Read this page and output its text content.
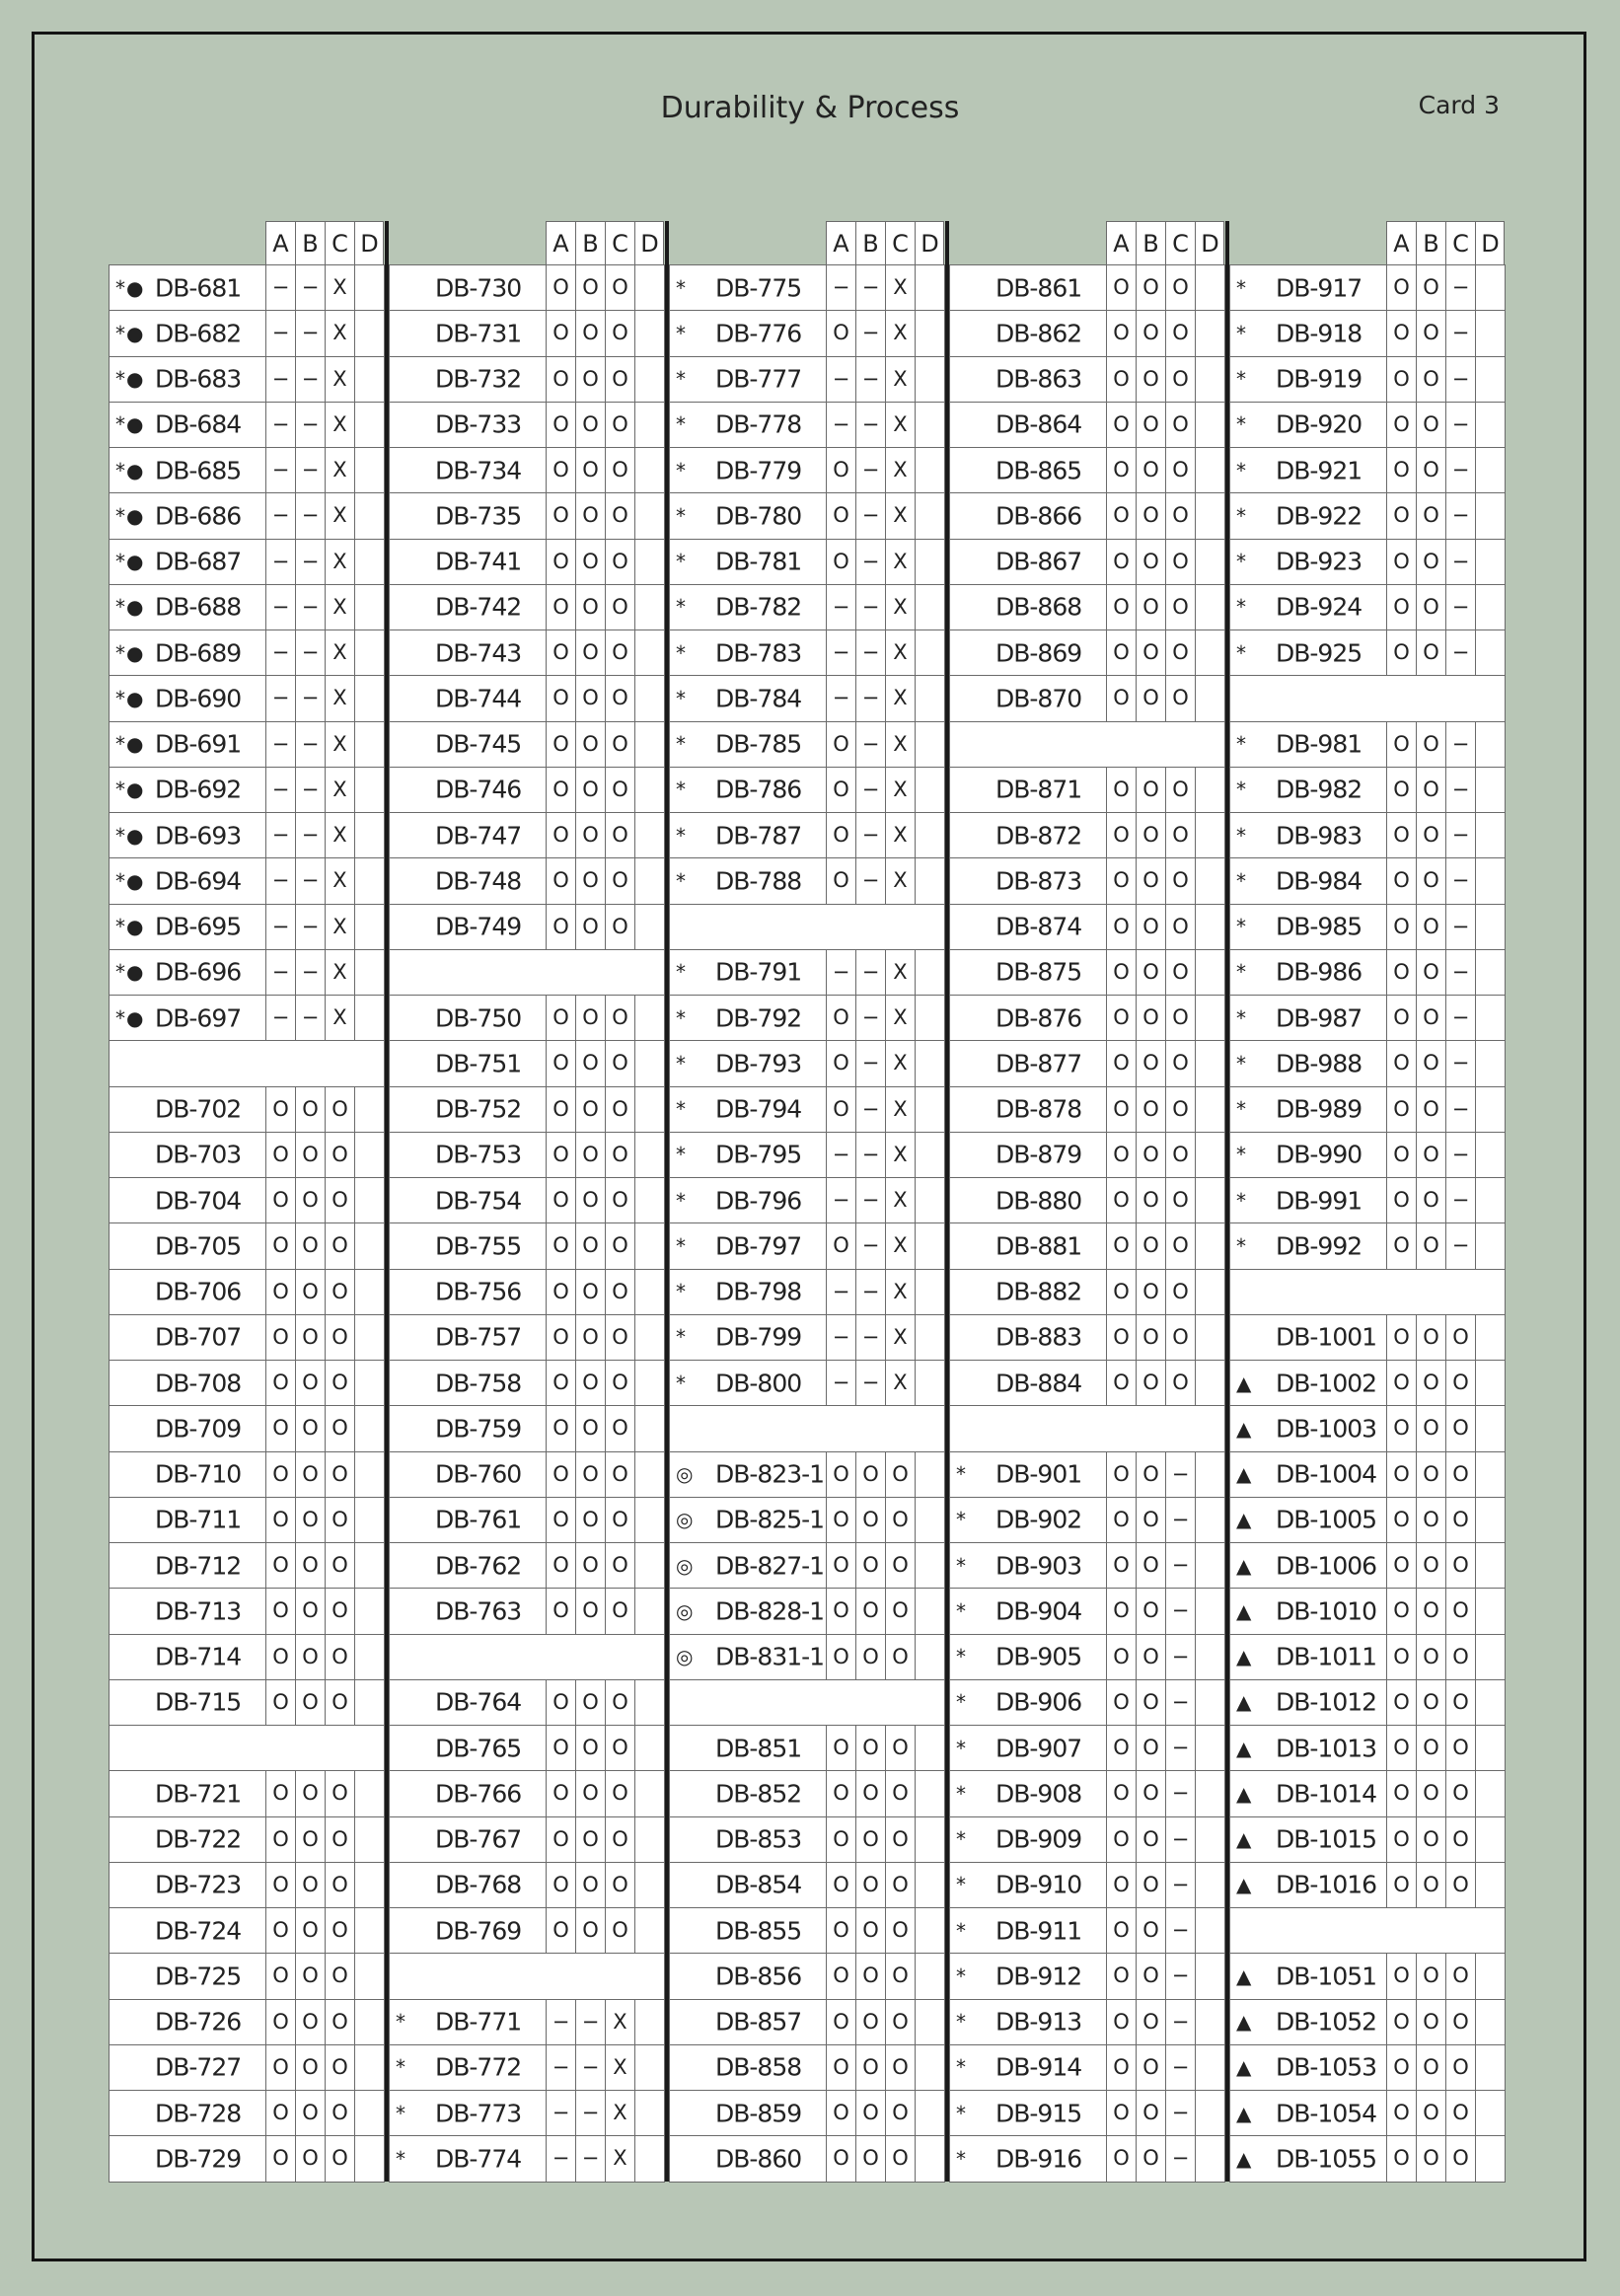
Durability & Process	Card 3
A B C D
*● DB-681	−	−	X	

*● DB-682	−	−	X	

*● DB-683	−	−	X	

*● DB-684	−	−	X	

*● DB-685	−	−	X	

*● DB-686	−	−	X	

*● DB-687	−	−	X	

*● DB-688	−	−	X	

*● DB-689	−	−	X	

*● DB-690	−	−	X	

*● DB-691	−	−	X	

*● DB-692	−	−	X	

*● DB-693	−	−	X	

*● DB-694	−	−	X	

*● DB-695	−	−	X	

*● DB-696	−	−	X	

*● DB-697	−	−	X	

DB-702	O	O	O	

DB-703	O	O	O	

DB-704	O	O	O	

DB-705	O	O	O	

DB-706	O	O	O	

DB-707	O	O	O	

DB-708	O	O	O	

DB-709	O	O	O	

DB-710	O	O	O	

DB-711	O	O	O	

DB-712	O	O	O	

DB-713	O	O	O	

DB-714	O	O	O	

DB-715	O	O	O	

DB-721	O	O	O	

DB-722	O	O	O	

DB-723	O	O	O	

DB-724	O	O	O	

DB-725	O	O	O	

DB-726	O	O	O	

DB-727	O	O	O	

DB-728	O	O	O	

DB-729	O	O	O	
A B C D
DB-730	O	O	O	

DB-731	O	O	O	

DB-732	O	O	O	

DB-733	O	O	O	

DB-734	O	O	O	

DB-735	O	O	O	

DB-741	O	O	O	

DB-742	O	O	O	

DB-743	O	O	O	

DB-744	O	O	O	

DB-745	O	O	O	

DB-746	O	O	O	

DB-747	O	O	O	

DB-748	O	O	O	

DB-749	O	O	O	

DB-750	O	O	O	

DB-751	O	O	O	

DB-752	O	O	O	

DB-753	O	O	O	

DB-754	O	O	O	

DB-755	O	O	O	

DB-756	O	O	O	

DB-757	O	O	O	

DB-758	O	O	O	

DB-759	O	O	O	

DB-760	O	O	O	

DB-761	O	O	O	

DB-762	O	O	O	

DB-763	O	O	O	

DB-764	O	O	O	

DB-765	O	O	O	

DB-766	O	O	O	

DB-767	O	O	O	

DB-768	O	O	O	

DB-769	O	O	O	

* DB-771	−	−	X	

* DB-772	−	−	X	

* DB-773	−	−	X	

* DB-774	−	−	X	
A B C D
* DB-775	−	−	X	

* DB-776	O	−	X	

* DB-777	−	−	X	

* DB-778	−	−	X	

* DB-779	O	−	X	

* DB-780	O	−	X	

* DB-781	O	−	X	

* DB-782	−	−	X	

* DB-783	−	−	X	

* DB-784	−	−	X	

* DB-785	O	−	X	

* DB-786	O	−	X	

* DB-787	O	−	X	

* DB-788	O	−	X	

* DB-791	−	−	X	

* DB-792	O	−	X	

* DB-793	O	−	X	

* DB-794	O	−	X	

* DB-795	−	−	X	

* DB-796	−	−	X	

* DB-797	O	−	X	

* DB-798	−	−	X	

* DB-799	−	−	X	

* DB-800	−	−	X	

◎ DB-823-1	O	O	O	

◎ DB-825-1	O	O	O	

◎ DB-827-1	O	O	O	

◎ DB-828-1	O	O	O	

◎ DB-831-1	O	O	O	

DB-851	O	O	O	

DB-852	O	O	O	

DB-853	O	O	O	

DB-854	O	O	O	

DB-855	O	O	O	

DB-856	O	O	O	

DB-857	O	O	O	

DB-858	O	O	O	

DB-859	O	O	O	

DB-860	O	O	O	
A B C D
DB-861	O	O	O	

DB-862	O	O	O	

DB-863	O	O	O	

DB-864	O	O	O	

DB-865	O	O	O	

DB-866	O	O	O	

DB-867	O	O	O	

DB-868	O	O	O	

DB-869	O	O	O	

DB-870	O	O	O	

DB-871	O	O	O	

DB-872	O	O	O	

DB-873	O	O	O	

DB-874	O	O	O	

DB-875	O	O	O	

DB-876	O	O	O	

DB-877	O	O	O	

DB-878	O	O	O	

DB-879	O	O	O	

DB-880	O	O	O	

DB-881	O	O	O	

DB-882	O	O	O	

DB-883	O	O	O	

DB-884	O	O	O	

* DB-901	O	O	−	

* DB-902	O	O	−	

* DB-903	O	O	−	

* DB-904	O	O	−	

* DB-905	O	O	−	

* DB-906	O	O	−	

* DB-907	O	O	−	

* DB-908	O	O	−	

* DB-909	O	O	−	

* DB-910	O	O	−	

* DB-911	O	O	−	

* DB-912	O	O	−	

* DB-913	O	O	−	

* DB-914	O	O	−	

* DB-915	O	O	−	

* DB-916	O	O	−	
A B C D
* DB-917	O	O	−	

* DB-918	O	O	−	

* DB-919	O	O	−	

* DB-920	O	O	−	

* DB-921	O	O	−	

* DB-922	O	O	−	

* DB-923	O	O	−	

* DB-924	O	O	−	

* DB-925	O	O	−	

* DB-981	O	O	−	

* DB-982	O	O	−	

* DB-983	O	O	−	

* DB-984	O	O	−	

* DB-985	O	O	−	

* DB-986	O	O	−	

* DB-987	O	O	−	

* DB-988	O	O	−	

* DB-989	O	O	−	

* DB-990	O	O	−	

* DB-991	O	O	−	

* DB-992	O	O	−	

DB-1001	O	O	O	

▲ DB-1002	O	O	O	

▲ DB-1003	O	O	O	

▲ DB-1004	O	O	O	

▲ DB-1005	O	O	O	

▲ DB-1006	O	O	O	

▲ DB-1010	O	O	O	

▲ DB-1011	O	O	O	

▲ DB-1012	O	O	O	

▲ DB-1013	O	O	O	

▲ DB-1014	O	O	O	

▲ DB-1015	O	O	O	

▲ DB-1016	O	O	O	

▲ DB-1051	O	O	O	

▲ DB-1052	O	O	O	

▲ DB-1053	O	O	O	

▲ DB-1054	O	O	O	

▲ DB-1055	O	O	O	
